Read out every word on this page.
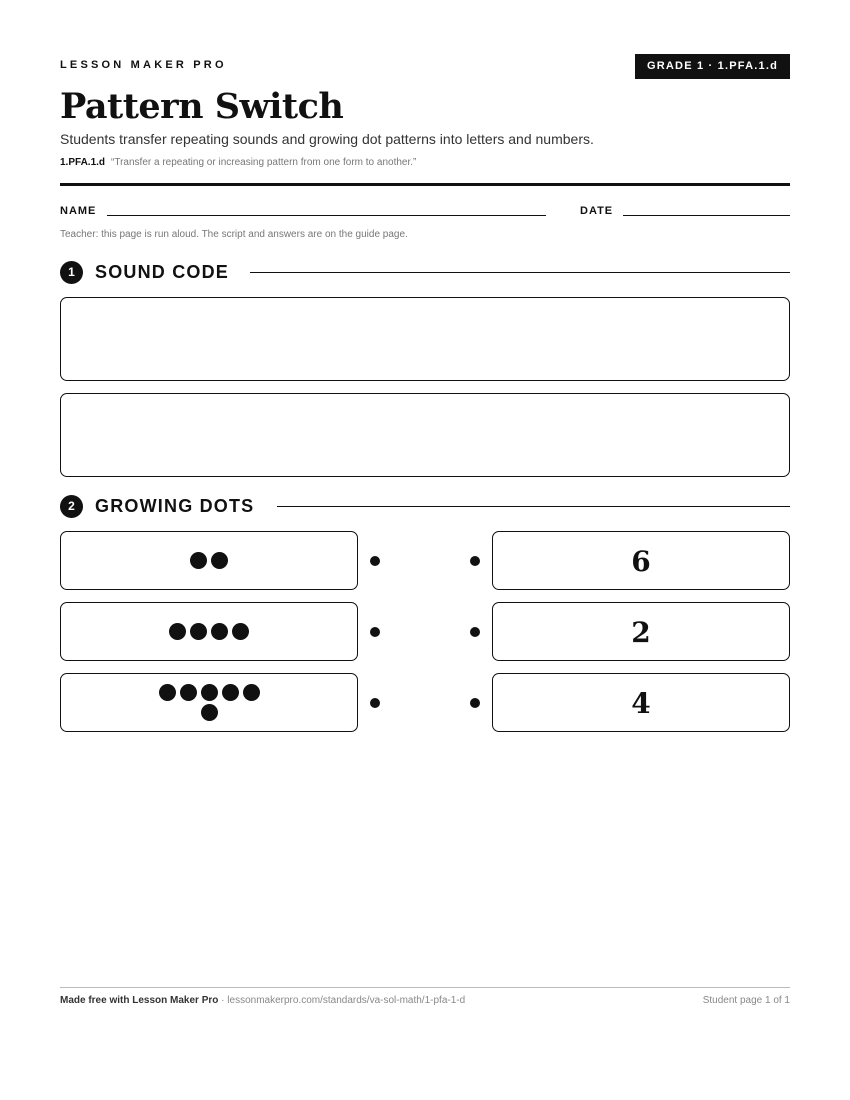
LESSON MAKER PRO	GRADE 1 · 1.PFA.1.d
Pattern Switch
Students transfer repeating sounds and growing dot patterns into letters and numbers.
1.PFA.1.d “Transfer a repeating or increasing pattern from one form to another.”
NAME	DATE
Teacher: this page is run aloud. The script and answers are on the guide page.
1	SOUND CODE
2	GROWING DOTS
6
2
4
Made free with Lesson Maker Pro · lessonmakerpro.com/standards/va-sol-math/1-pfa-1-d	Student page 1 of 1
